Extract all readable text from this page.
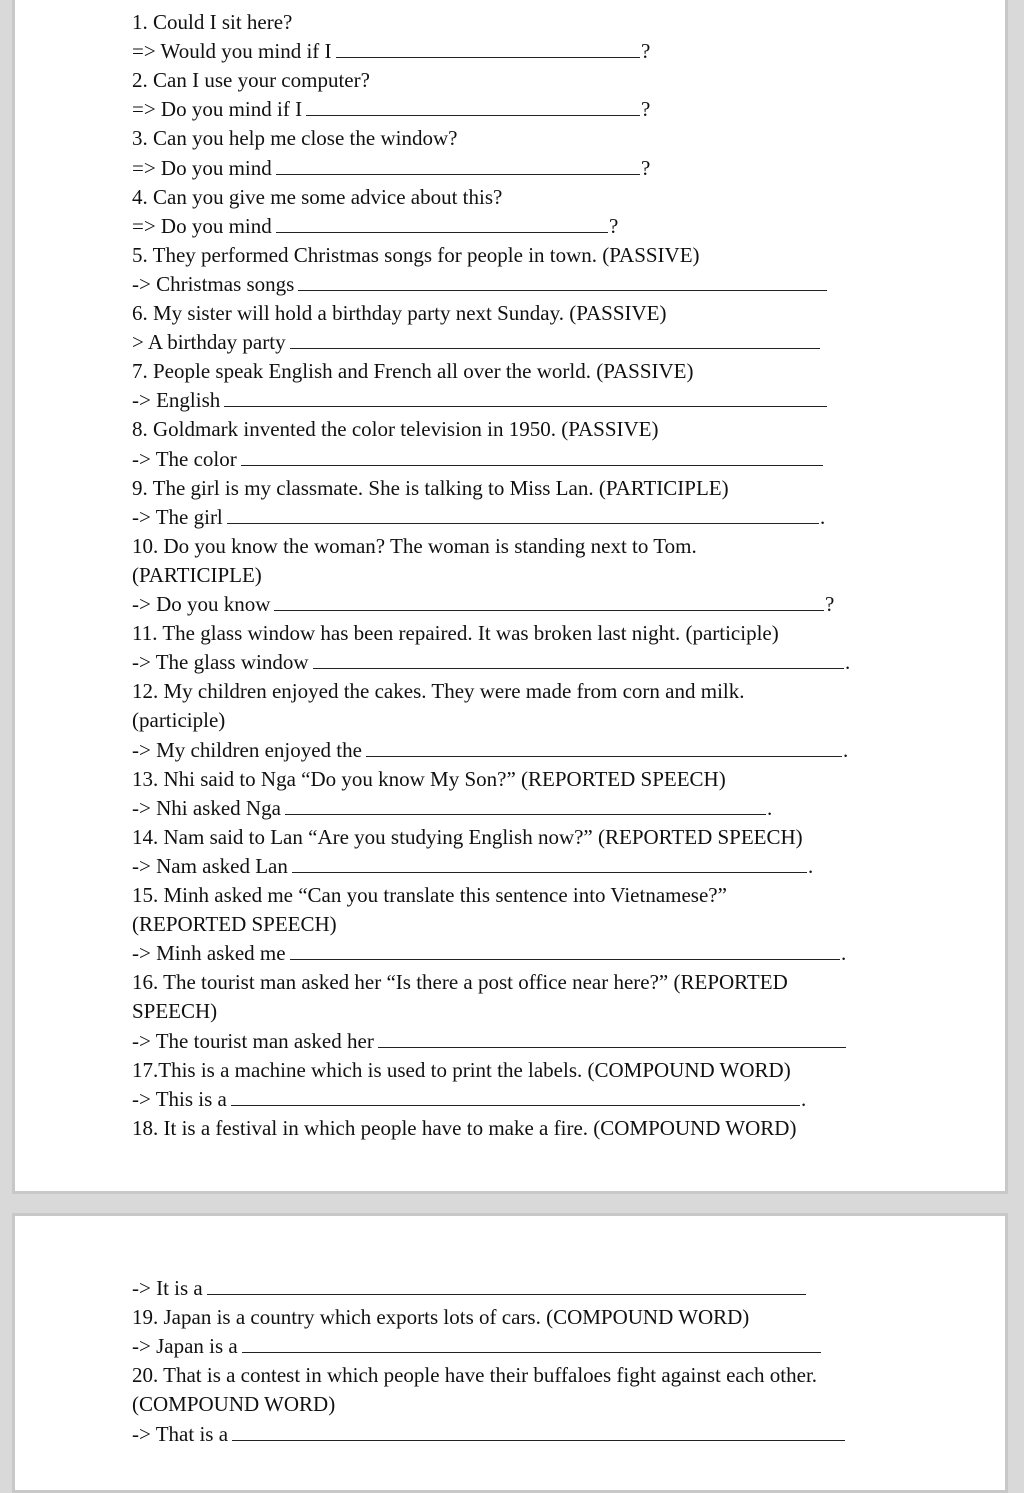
1. Could I sit here?
=> Would you mind if I	?
2. Can I use your computer?
=> Do you mind if I	?
3. Can you help me close the window?
=> Do you mind	?
4. Can you give me some advice about this?
=> Do you mind	?
5. They performed Christmas songs for people in town. (PASSIVE)
-> Christmas songs
6. My sister will hold a birthday party next Sunday. (PASSIVE)
> A birthday party
7. People speak English and French all over the world. (PASSIVE)
-> English
8. Goldmark invented the color television in 1950. (PASSIVE)
-> The color
9. The girl is my classmate. She is talking to Miss Lan. (PARTICIPLE)
-> The girl	.
10. Do you know the woman? The woman is standing next to Tom.
(PARTICIPLE)
-> Do you know	?
11. The glass window has been repaired. It was broken last night. (participle)
-> The glass window	.
12. My children enjoyed the cakes. They were made from corn and milk.
(participle)
-> My children enjoyed the	.
13. Nhi said to Nga “Do you know My Son?” (REPORTED SPEECH)
-> Nhi asked Nga	.
14. Nam said to Lan “Are you studying English now?” (REPORTED SPEECH)
-> Nam asked Lan	.
15. Minh asked me “Can you translate this sentence into Vietnamese?”
(REPORTED SPEECH)
-> Minh asked me	.
16. The tourist man asked her “Is there a post office near here?” (REPORTED
SPEECH)
-> The tourist man asked her
17.This is a machine which is used to print the labels. (COMPOUND WORD)
-> This is a	.
18. It is a festival in which people have to make a fire. (COMPOUND WORD)
-> It is a
19. Japan is a country which exports lots of cars. (COMPOUND WORD)
-> Japan is a
20. That is a contest in which people have their buffaloes fight against each other.
(COMPOUND WORD)
-> That is a
